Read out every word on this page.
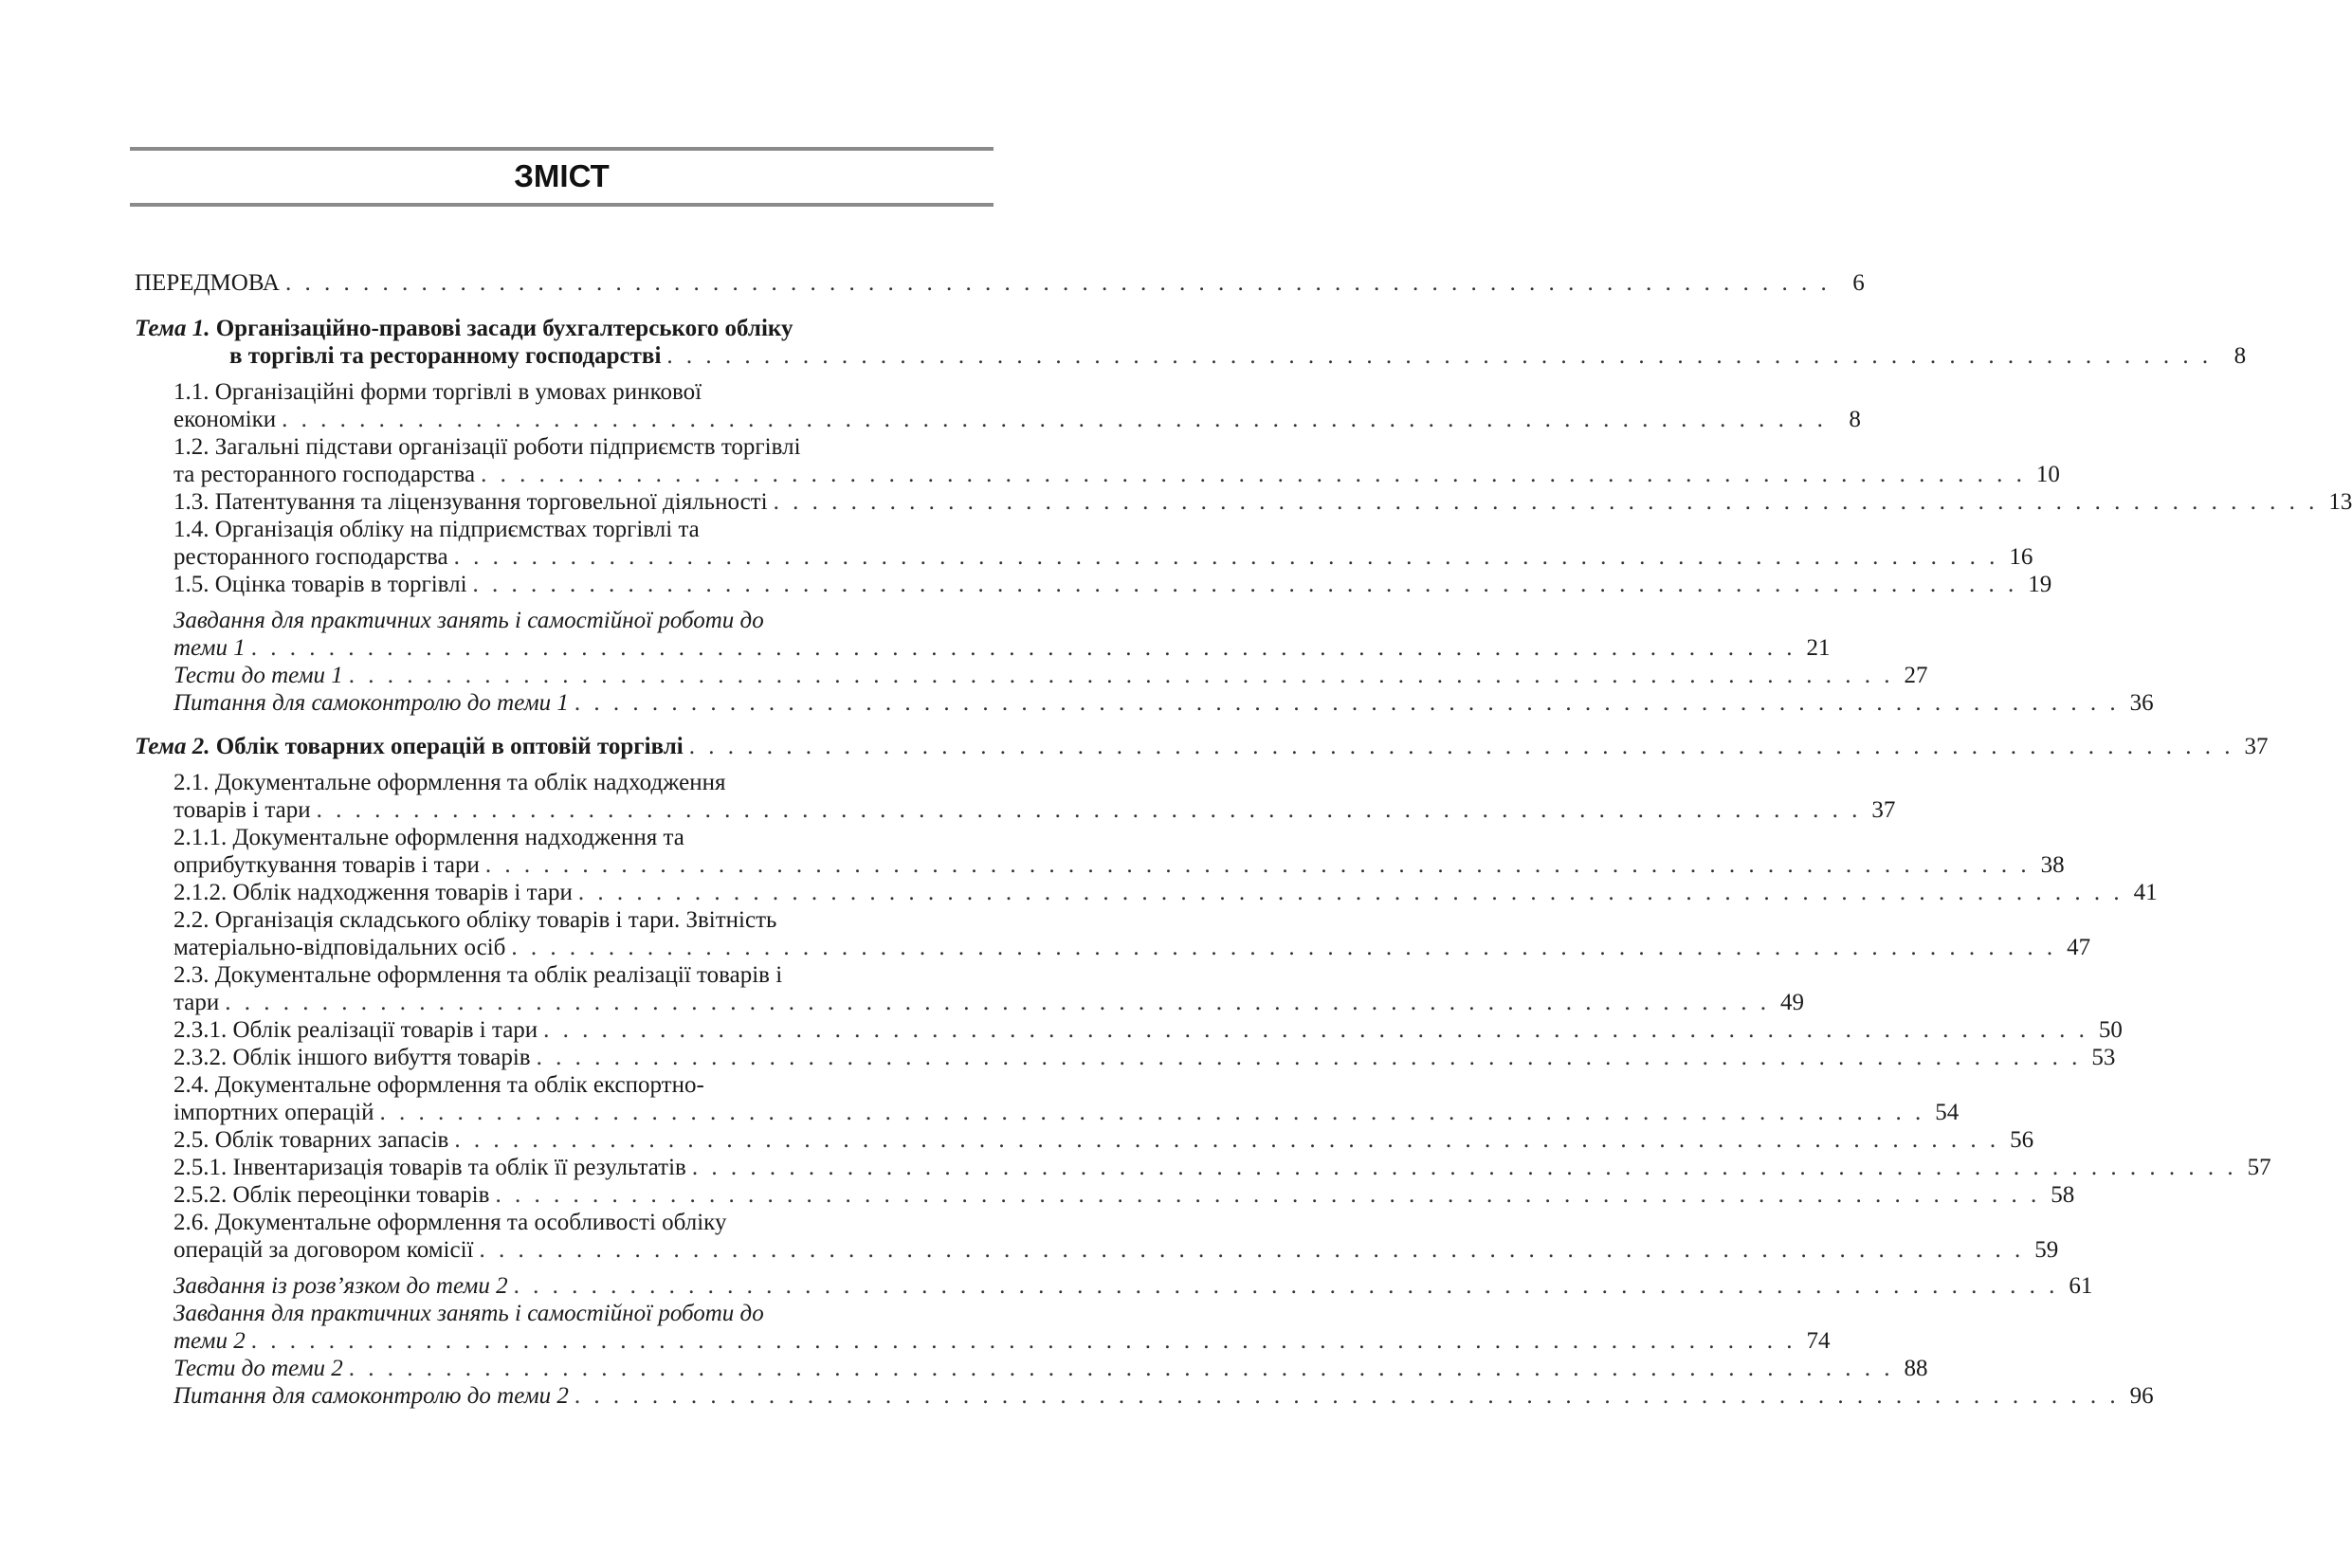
ЗМІСТ
ПЕРЕДМОВА . . . . . . . . . . . . . . . . . . . . . . . . . . . . . . . . . . . . . . . . . . . . . . . . . . . . . . . . . . . . . . . . . . . . . . . . . . . . . . . . 6
Тема 1. Організаційно-правові засади бухгалтерського обліку
в торгівлі та ресторанному господарстві . . . . . . . . . . . . . . . . . . . . . . . . . . . . . . . . . . . . . . . . . . . . . . . . . . . . . . . . . . . . . . . . . . . . . . . . . . . . . . . . 8
1.1. Організаційні форми торгівлі в умовах ринкової
економіки . . . . . . . . . . . . . . . . . . . . . . . . . . . . . . . . . . . . . . . . . . . . . . . . . . . . . . . . . . . . . . . . . . . . . . . . . . . . . . . . 8
1.2. Загальні підстави організації роботи підприємств торгівлі
та ресторанного господарства . . . . . . . . . . . . . . . . . . . . . . . . . . . . . . . . . . . . . . . . . . . . . . . . . . . . . . . . . . . . . . . . . . . . . . . . . . . . . . . . 10
1.3. Патентування та ліцензування торговельної діяльності . . . . . . . . . . . . . . . . . . . . . . . . . . . . . . . . . . . . . . . . . . . . . . . . . . . . . . . . . . . . . . . . . . . . . . . . . . . . . . . . 13
1.4. Організація обліку на підприємствах торгівлі та
ресторанного господарства . . . . . . . . . . . . . . . . . . . . . . . . . . . . . . . . . . . . . . . . . . . . . . . . . . . . . . . . . . . . . . . . . . . . . . . . . . . . . . . . 16
1.5. Оцінка товарів в торгівлі . . . . . . . . . . . . . . . . . . . . . . . . . . . . . . . . . . . . . . . . . . . . . . . . . . . . . . . . . . . . . . . . . . . . . . . . . . . . . . . . 19
Завдання для практичних занять і самостійної роботи до
теми 1 . . . . . . . . . . . . . . . . . . . . . . . . . . . . . . . . . . . . . . . . . . . . . . . . . . . . . . . . . . . . . . . . . . . . . . . . . . . . . . . . 21
Тести до теми 1 . . . . . . . . . . . . . . . . . . . . . . . . . . . . . . . . . . . . . . . . . . . . . . . . . . . . . . . . . . . . . . . . . . . . . . . . . . . . . . . . 27
Питання для самоконтролю до теми 1 . . . . . . . . . . . . . . . . . . . . . . . . . . . . . . . . . . . . . . . . . . . . . . . . . . . . . . . . . . . . . . . . . . . . . . . . . . . . . . . . 36
Тема 2. Облік товарних операцій в оптовій торгівлі . . . . . . . . . . . . . . . . . . . . . . . . . . . . . . . . . . . . . . . . . . . . . . . . . . . . . . . . . . . . . . . . . . . . . . . . . . . . . . . . 37
2.1. Документальне оформлення та облік надходження
товарів і тари . . . . . . . . . . . . . . . . . . . . . . . . . . . . . . . . . . . . . . . . . . . . . . . . . . . . . . . . . . . . . . . . . . . . . . . . . . . . . . . . 37
2.1.1. Документальне оформлення надходження та
оприбуткування товарів і тари . . . . . . . . . . . . . . . . . . . . . . . . . . . . . . . . . . . . . . . . . . . . . . . . . . . . . . . . . . . . . . . . . . . . . . . . . . . . . . . . 38
2.1.2. Облік надходження товарів і тари . . . . . . . . . . . . . . . . . . . . . . . . . . . . . . . . . . . . . . . . . . . . . . . . . . . . . . . . . . . . . . . . . . . . . . . . . . . . . . . . 41
2.2. Організація складського обліку товарів і тари. Звітність
матеріально-відповідальних осіб . . . . . . . . . . . . . . . . . . . . . . . . . . . . . . . . . . . . . . . . . . . . . . . . . . . . . . . . . . . . . . . . . . . . . . . . . . . . . . . . 47
2.3. Документальне оформлення та облік реалізації товарів і
тари . . . . . . . . . . . . . . . . . . . . . . . . . . . . . . . . . . . . . . . . . . . . . . . . . . . . . . . . . . . . . . . . . . . . . . . . . . . . . . . . 49
2.3.1. Облік реалізації товарів і тари . . . . . . . . . . . . . . . . . . . . . . . . . . . . . . . . . . . . . . . . . . . . . . . . . . . . . . . . . . . . . . . . . . . . . . . . . . . . . . . . 50
2.3.2. Облік іншого вибуття товарів . . . . . . . . . . . . . . . . . . . . . . . . . . . . . . . . . . . . . . . . . . . . . . . . . . . . . . . . . . . . . . . . . . . . . . . . . . . . . . . . 53
2.4. Документальне оформлення та облік експортно-
імпортних операцій . . . . . . . . . . . . . . . . . . . . . . . . . . . . . . . . . . . . . . . . . . . . . . . . . . . . . . . . . . . . . . . . . . . . . . . . . . . . . . . . 54
2.5. Облік товарних запасів . . . . . . . . . . . . . . . . . . . . . . . . . . . . . . . . . . . . . . . . . . . . . . . . . . . . . . . . . . . . . . . . . . . . . . . . . . . . . . . . 56
2.5.1. Інвентаризація товарів та облік її результатів . . . . . . . . . . . . . . . . . . . . . . . . . . . . . . . . . . . . . . . . . . . . . . . . . . . . . . . . . . . . . . . . . . . . . . . . . . . . . . . . 57
2.5.2. Облік переоцінки товарів . . . . . . . . . . . . . . . . . . . . . . . . . . . . . . . . . . . . . . . . . . . . . . . . . . . . . . . . . . . . . . . . . . . . . . . . . . . . . . . . 58
2.6. Документальне оформлення та особливості обліку
операцій за договором комісії . . . . . . . . . . . . . . . . . . . . . . . . . . . . . . . . . . . . . . . . . . . . . . . . . . . . . . . . . . . . . . . . . . . . . . . . . . . . . . . . 59
Завдання із розв’язком до теми 2 . . . . . . . . . . . . . . . . . . . . . . . . . . . . . . . . . . . . . . . . . . . . . . . . . . . . . . . . . . . . . . . . . . . . . . . . . . . . . . . . 61
Завдання для практичних занять і самостійної роботи до
теми 2 . . . . . . . . . . . . . . . . . . . . . . . . . . . . . . . . . . . . . . . . . . . . . . . . . . . . . . . . . . . . . . . . . . . . . . . . . . . . . . . . 74
Тести до теми 2 . . . . . . . . . . . . . . . . . . . . . . . . . . . . . . . . . . . . . . . . . . . . . . . . . . . . . . . . . . . . . . . . . . . . . . . . . . . . . . . . 88
Питання для самоконтролю до теми 2 . . . . . . . . . . . . . . . . . . . . . . . . . . . . . . . . . . . . . . . . . . . . . . . . . . . . . . . . . . . . . . . . . . . . . . . . . . . . . . . . 96
